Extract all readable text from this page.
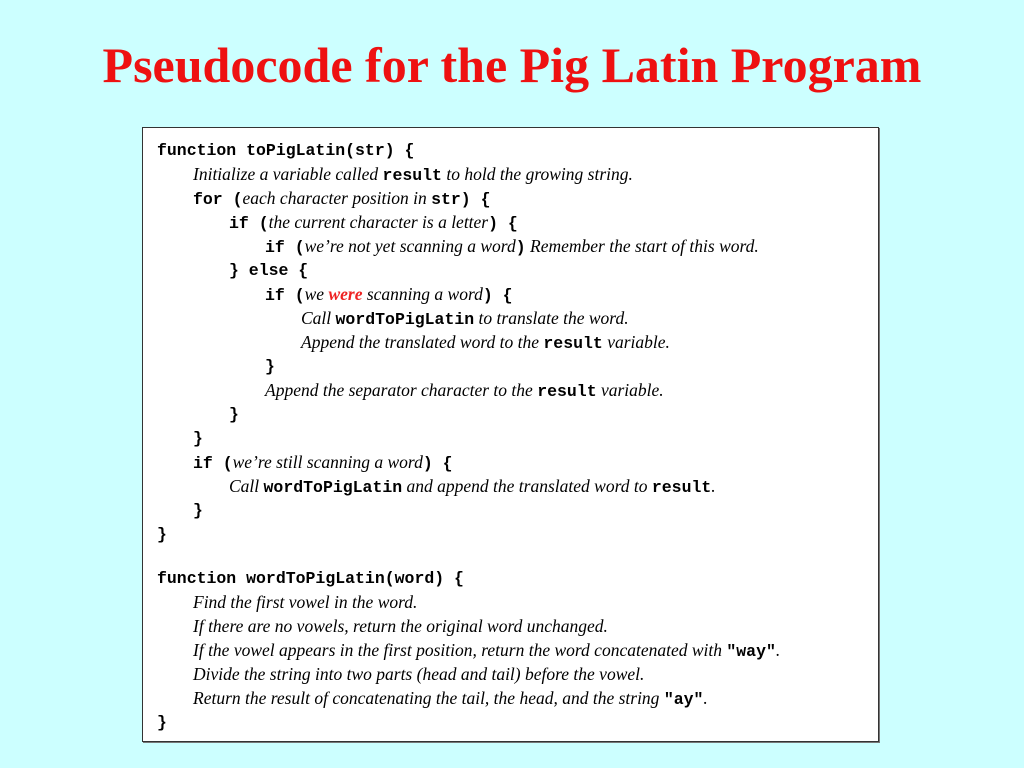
Pseudocode for the Pig Latin Program
function toPigLatin(str) {
Initialize a variable called result to hold the growing string.
for (each character position in str) {
if (the current character is a letter) {
if (we’re not yet scanning a word) Remember the start of this word.
} else {
if (we were scanning a word) {
Call wordToPigLatin to translate the word.
Append the translated word to the result variable.
}
Append the separator character to the result variable.
}
}
if (we’re still scanning a word) {
Call wordToPigLatin and append the translated word to result.
}
}
function wordToPigLatin(word) {
Find the first vowel in the word.
If there are no vowels, return the original word unchanged.
If the vowel appears in the first position, return the word concatenated with "way".
Divide the string into two parts (head and tail) before the vowel.
Return the result of concatenating the tail, the head, and the string "ay".
}
